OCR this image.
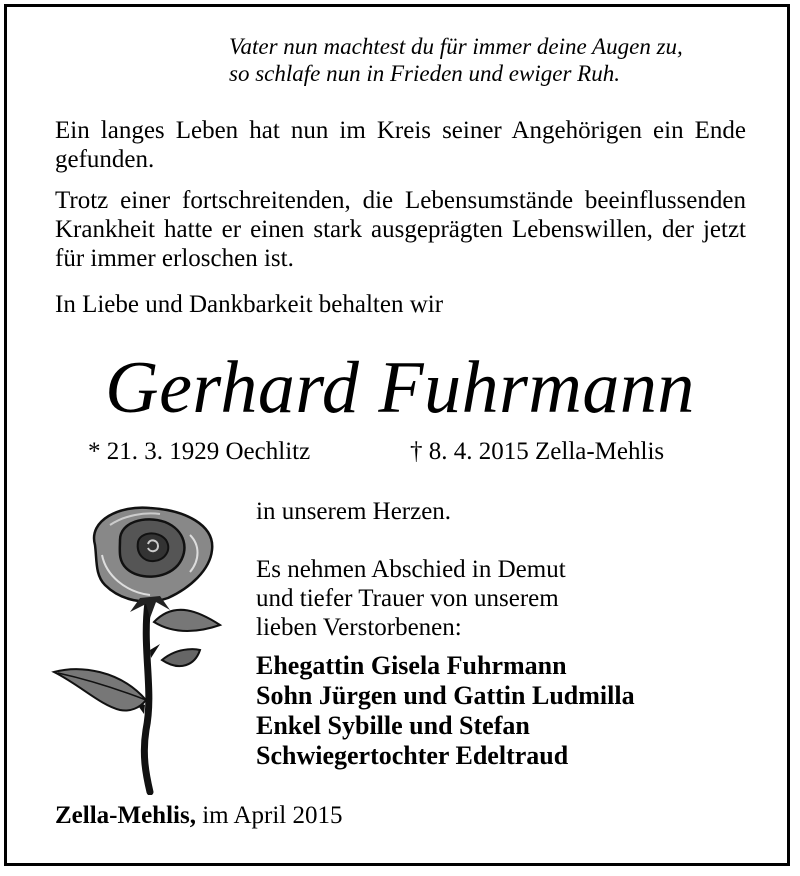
Vater nun machtest du für immer deine Augen zu,
so schlafe nun in Frieden und ewiger Ruh.
Ein langes Leben hat nun im Kreis seiner Angehörigen ein Ende gefunden.
Trotz einer fortschreitenden, die Lebensumstände beeinflussenden Krankheit hatte er einen stark ausgeprägten Lebenswillen, der jetzt für immer erloschen ist.
In Liebe und Dankbarkeit behalten wir
Gerhard Fuhrmann
* 21. 3. 1929 Oechlitz	† 8. 4. 2015 Zella-Mehlis
in unserem Herzen.
Es nehmen Abschied in Demut
und tiefer Trauer von unserem
lieben Verstorbenen:
Ehegattin Gisela Fuhrmann
Sohn Jürgen und Gattin Ludmilla
Enkel Sybille und Stefan
Schwiegertochter Edeltraud
Zella-Mehlis, im April 2015
